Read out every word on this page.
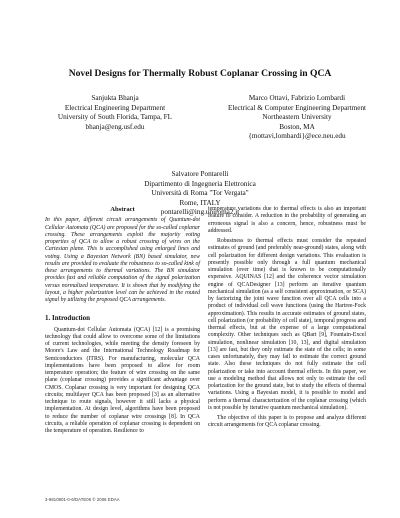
Novel Designs for Thermally Robust Coplanar Crossing in QCA
Sanjukta Bhanja
Electrical Engineering Department
University of South Florida, Tampa, FL
bhanja@eng.usf.edu
Marco Ottavi, Fabrizio Lombardi
Electrical & Computer Engineering Department
Northeastern University
Boston, MA
{mottavi,lombardi}@ece.neu.edu
Salvatore Pontarelli
Dipartimento di Ingegneria Elettronica
Università di Roma "Tor Vergata"
Rome, ITALY
pontarelli@ing.uniroma2.it
Abstract
In this paper, different circuit arrangements of Quantum-dot Cellular Automata (QCA) are proposed for the so-called coplanar crossing. These arrangements exploit the majority voting properties of QCA to allow a robust crossing of wires on the Cartesian plane. This is accomplished using enlarged lines and voting. Using a Bayesian Network (BN) based simulator, new results are provided to evaluate the robustness to so-called kink of these arrangements to thermal variations. The BN simulator provides fast and reliable computation of the signal polarization versus normalized temperature. It is shown that by modifying the layout, a higher polarization level can be achieved in the routed signal by utilizing the proposed QCA arrangements.
1. Introduction

Quantum-dot Cellular Automata (QCA) [12] is a promising technology that could allow to overcome some of the limitations of current technologies, while meeting the density foreseen by Moore's Law and the International Technology Roadmap for Semiconductors (ITRS). For manufacturing, molecular QCA implementations have been proposed to allow for room temperature operation; the feature of wire crossing on the same plane (coplanar crossing) provides a significant advantage over CMOS. Coplanar crossing is very important for designing QCA circuits; multilayer QCA has been proposed [3] as an alternative technique to route signals, however it still lacks a physical implementation. At design level, algorithms have been proposed to reduce the number of coplanar wire crossings [8]. In QCA circuits, a reliable operation of coplanar crossing is dependent on the temperature of operation. Resilience to

temperature variations due to thermal effects is also an important feature to consider. A reduction in the probability of generating an erroneous signal is also a concern, hence, robustness must be addressed.

Robustness to thermal effects must consider the repeated estimates of ground (and preferably near-ground) states, along with cell polarization for different design variations. This evaluation is presently possible only through a full quantum mechanical simulation (over time) that is known to be computationally expensive. AQUINAS [12] and the coherence vector simulation engine of QCADesigner [13] perform an iterative quantum mechanical simulation (as a self consistent approximation, or SCA) by factorizing the joint wave function over all QCA cells into a product of individual cell wave functions (using the Hartree-Fock approximation). This results in accurate estimates of ground states, cell polarization (or probability of cell state), temporal progress and thermal effects, but at the expense of a large computational complexity. Other techniques such as QBart [9], Fountain-Excel simulation, nonlinear simulation [10, 13], and digital simulation [13] are fast, but they only estimate the state of the cells; in some cases unfortunately, they may fail to estimate the correct ground state. Also these techniques do not fully estimate the cell polarization or take into account thermal effects. In this paper, we use a modeling method that allows not only to estimate the cell polarization for the ground state, but to study the effects of thermal variations. Using a Bayesian model, it is possible to model and perform a thermal characterization of the coplanar crossing (which is not possible by iterative quantum mechanical simulation).

The objective of this paper is to propose and analyze different circuit arrangements for QCA coplanar crossing.

3-9810801-0-6/DATE06 © 2006 EDAA
